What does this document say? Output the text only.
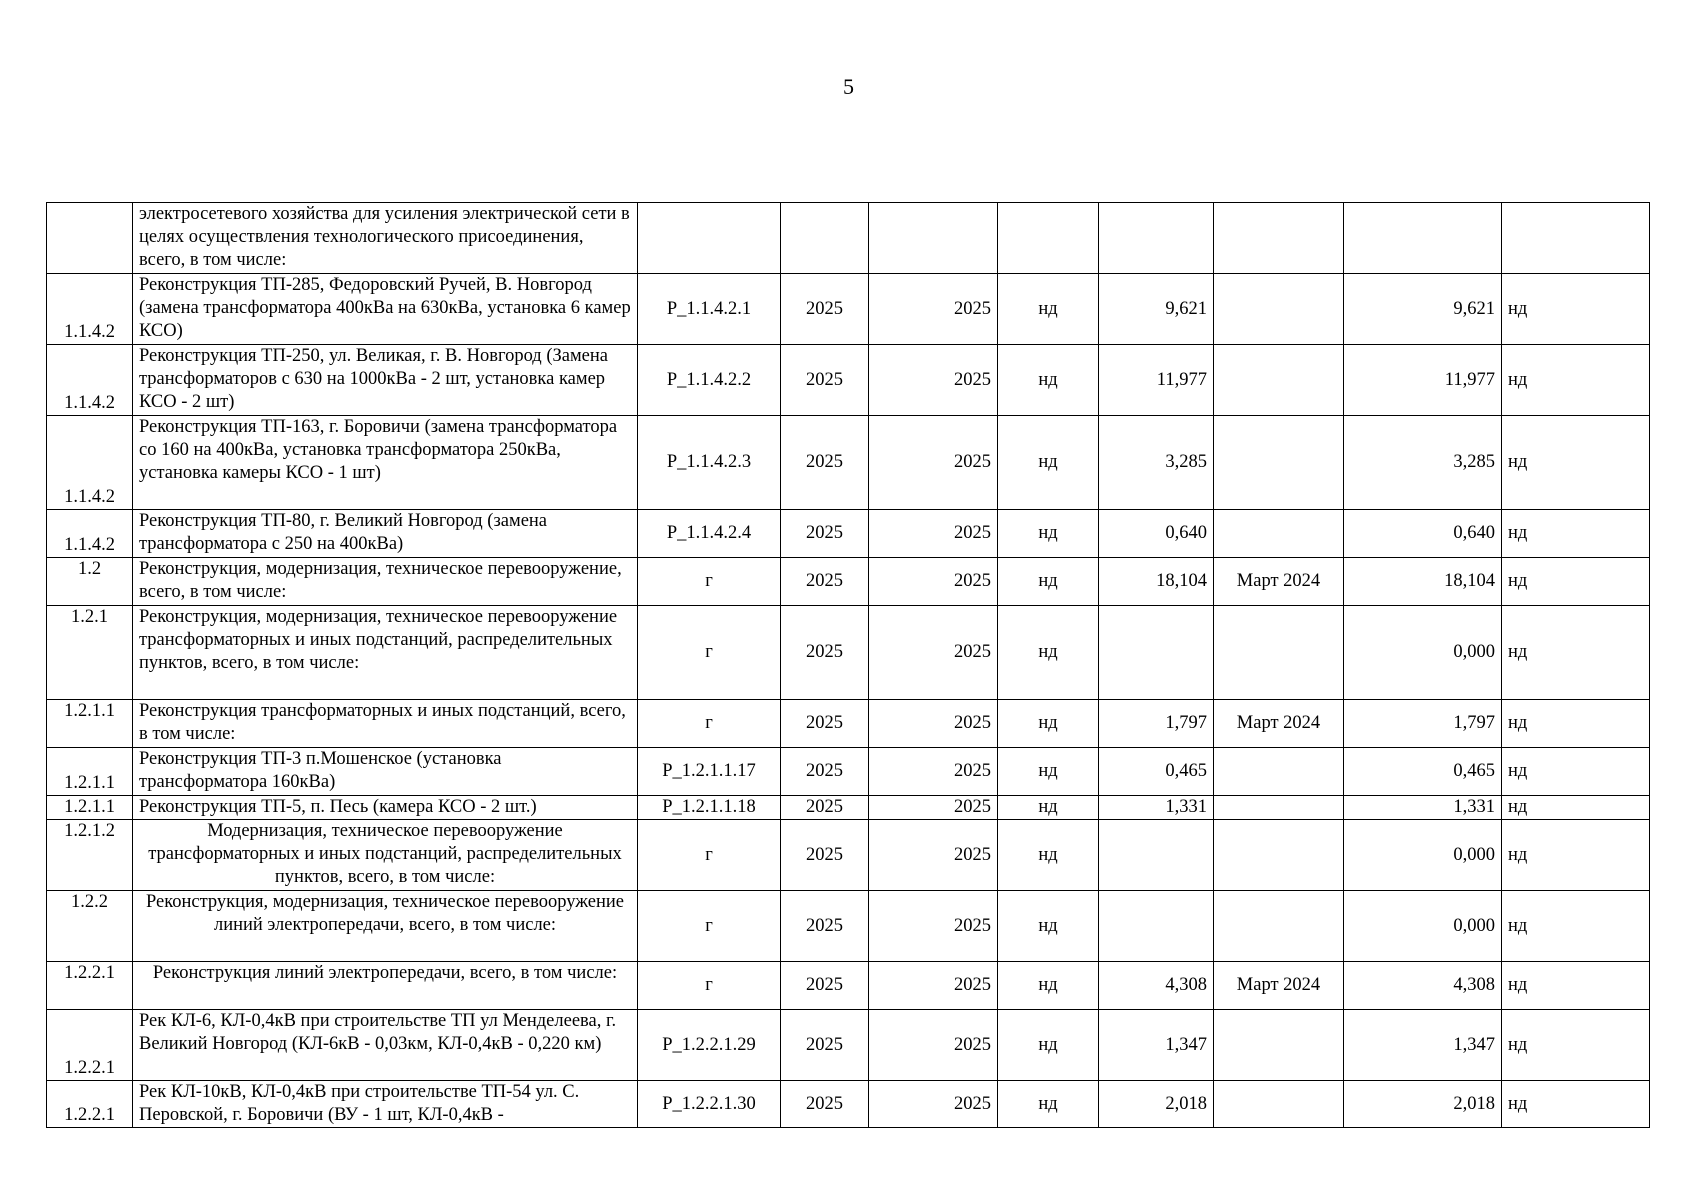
5
	электросетевого хозяйства для усиления электрической сети в целях осуществления технологического присоединения, всего, в том числе:								
1.1.4.2	Реконструкция ТП-285, Федоровский Ручей, В. Новгород (замена трансформатора 400кВа на 630кВа, установка 6 камер КСО)	P_1.1.4.2.1	2025	2025	нд	9,621		9,621	нд
1.1.4.2	Реконструкция ТП-250, ул. Великая, г. В. Новгород (Замена трансформаторов с 630 на 1000кВа - 2 шт, установка камер КСО - 2 шт)	P_1.1.4.2.2	2025	2025	нд	11,977		11,977	нд
1.1.4.2	Реконструкция ТП-163, г. Боровичи (замена трансформатора со 160 на 400кВа, установка трансформатора 250кВа, установка камеры КСО - 1 шт)	P_1.1.4.2.3	2025	2025	нд	3,285		3,285	нд
1.1.4.2	Реконструкция ТП-80, г. Великий Новгород (замена трансформатора с 250 на 400кВа)	P_1.1.4.2.4	2025	2025	нд	0,640		0,640	нд
1.2	Реконструкция, модернизация, техническое перевооружение, всего, в том числе:	г	2025	2025	нд	18,104	Март 2024	18,104	нд
1.2.1	Реконструкция, модернизация, техническое перевооружение трансформаторных и иных подстанций, распределительных пунктов, всего, в том числе:	г	2025	2025	нд			0,000	нд
1.2.1.1	Реконструкция трансформаторных и иных подстанций, всего, в том числе:	г	2025	2025	нд	1,797	Март 2024	1,797	нд
1.2.1.1	Реконструкция ТП-3 п.Мошенское (установка трансформатора 160кВа)	P_1.2.1.1.17	2025	2025	нд	0,465		0,465	нд
1.2.1.1	Реконструкция ТП-5, п. Песь (камера КСО - 2 шт.)	P_1.2.1.1.18	2025	2025	нд	1,331		1,331	нд
1.2.1.2	Модернизация, техническое перевооружение трансформаторных и иных подстанций, распределительных пунктов, всего, в том числе:	г	2025	2025	нд			0,000	нд
1.2.2	Реконструкция, модернизация, техническое перевооружение линий электропередачи, всего, в том числе:	г	2025	2025	нд			0,000	нд
1.2.2.1	Реконструкция линий электропередачи, всего, в том числе:	г	2025	2025	нд	4,308	Март 2024	4,308	нд
1.2.2.1	Рек КЛ-6, КЛ-0,4кВ при строительстве ТП ул Менделеева, г. Великий Новгород (КЛ-6кВ - 0,03км, КЛ-0,4кВ - 0,220 км)	P_1.2.2.1.29	2025	2025	нд	1,347		1,347	нд
1.2.2.1	Рек КЛ-10кВ, КЛ-0,4кВ при строительстве ТП-54 ул. С. Перовской, г. Боровичи (ВУ - 1 шт, КЛ-0,4кВ -	P_1.2.2.1.30	2025	2025	нд	2,018		2,018	нд
